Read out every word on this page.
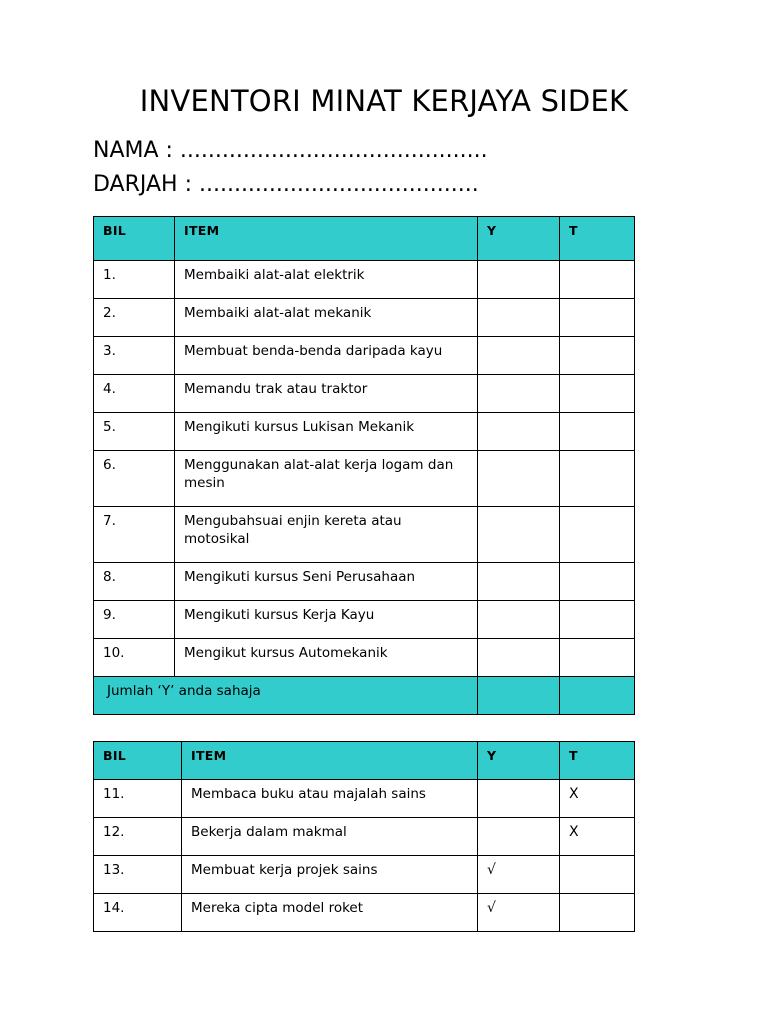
INVENTORI MINAT KERJAYA SIDEK
NAMA : ............................................
DARJAH : ........................................
BIL	ITEM	Y	T
1.	Membaiki alat-alat elektrik		
2.	Membaiki alat-alat mekanik		
3.	Membuat benda-benda daripada kayu		
4.	Memandu trak atau traktor		
5.	Mengikuti kursus Lukisan Mekanik		
6.	Menggunakan alat-alat kerja logam dan mesin		
7.	Mengubahsuai enjin kereta atau motosikal		
8.	Mengikuti kursus Seni Perusahaan		
9.	Mengikuti kursus Kerja Kayu		
10.	Mengikut kursus Automekanik		
Jumlah ‘Y’ anda sahaja			
BIL	ITEM	Y	T
11.	Membaca buku atau majalah sains		X
12.	Bekerja dalam makmal		X
13.	Membuat kerja projek sains	√	
14.	Mereka cipta model roket	√	
